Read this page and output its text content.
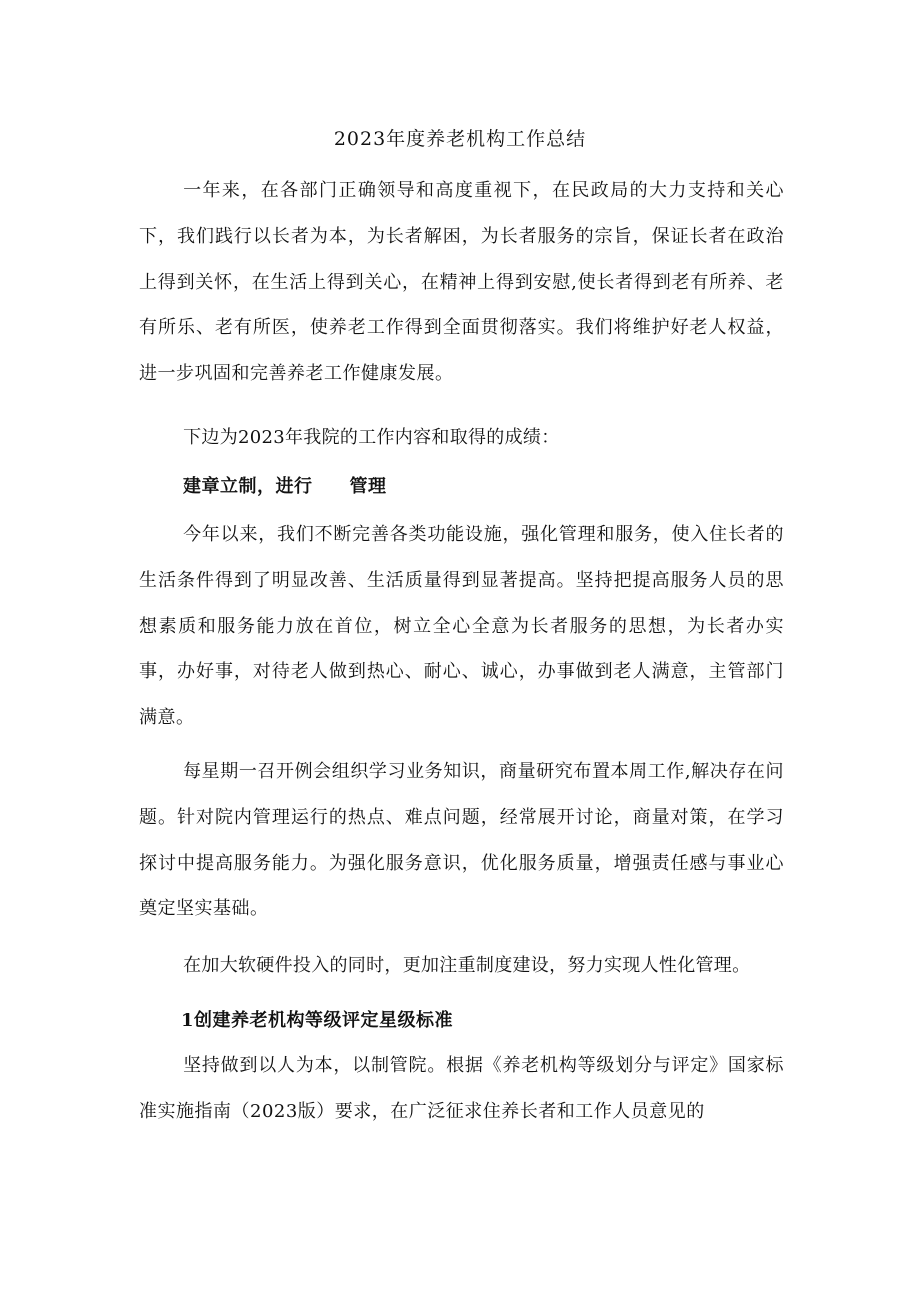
2023年度养老机构工作总结

一年来，在各部门正确领导和高度重视下，在民政局的大力支持和关心下，我们践行以长者为本，为长者解困，为长者服务的宗旨，保证长者在政治上得到关怀，在生活上得到关心，在精神上得到安慰,使长者得到老有所养、老有所乐、老有所医，使养老工作得到全面贯彻落实。我们将维护好老人权益，进一步巩固和完善养老工作健康发展。

下边为2023年我院的工作内容和取得的成绩：

建章立制，进行　　管理

今年以来，我们不断完善各类功能设施，强化管理和服务，使入住长者的生活条件得到了明显改善、生活质量得到显著提高。坚持把提高服务人员的思想素质和服务能力放在首位，树立全心全意为长者服务的思想，为长者办实事，办好事，对待老人做到热心、耐心、诚心，办事做到老人满意，主管部门满意。

每星期一召开例会组织学习业务知识，商量研究布置本周工作,解决存在问题。针对院内管理运行的热点、难点问题，经常展开讨论，商量对策，在学习探讨中提高服务能力。为强化服务意识，优化服务质量，增强责任感与事业心奠定坚实基础。

在加大软硬件投入的同时，更加注重制度建设，努力实现人性化管理。

1创建养老机构等级评定星级标准

坚持做到以人为本，以制管院。根据《养老机构等级划分与评定》国家标准实施指南（2023版）要求，在广泛征求住养长者和工作人员意见的
